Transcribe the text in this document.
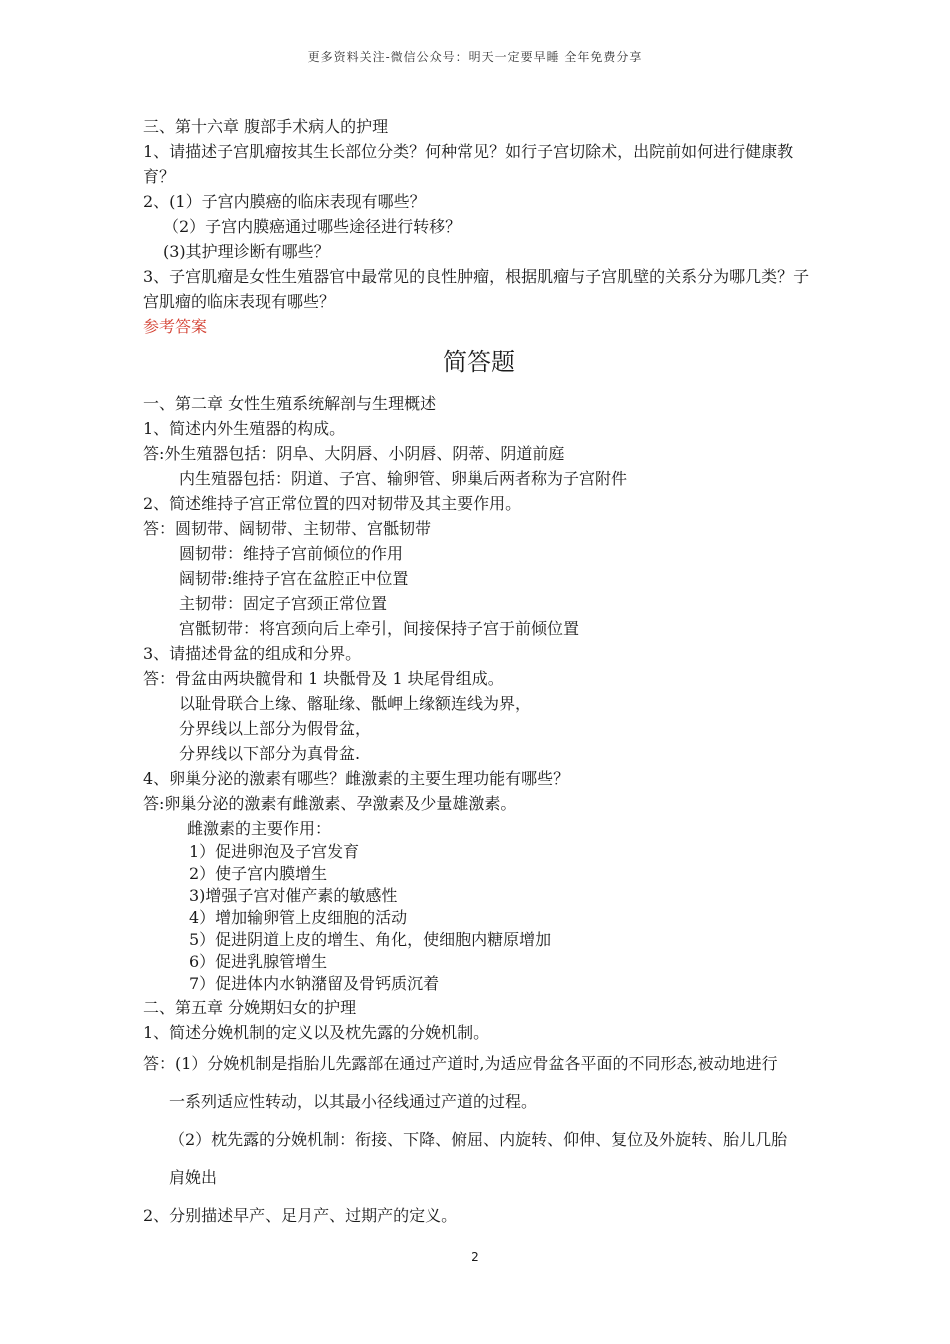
更多资料关注-微信公众号：明天一定要早睡 全年免费分享
三、第十六章 腹部手术病人的护理
1、请描述子宫肌瘤按其生长部位分类？何种常见？如行子宫切除术，出院前如何进行健康教育？
2、(1）子宫内膜癌的临床表现有哪些？
（2）子宫内膜癌通过哪些途径进行转移？
(3)其护理诊断有哪些？
3、子宫肌瘤是女性生殖器官中最常见的良性肿瘤，根据肌瘤与子宫肌壁的关系分为哪几类？子宫肌瘤的临床表现有哪些？
参考答案
简答题
一、第二章 女性生殖系统解剖与生理概述
1、简述内外生殖器的构成。
答:外生殖器包括：阴阜、大阴唇、小阴唇、阴蒂、阴道前庭
内生殖器包括：阴道、子宫、输卵管、卵巢后两者称为子宫附件
2、简述维持子宫正常位置的四对韧带及其主要作用。
答：圆韧带、阔韧带、主韧带、宫骶韧带
圆韧带：维持子宫前倾位的作用
阔韧带:维持子宫在盆腔正中位置
主韧带：固定子宫颈正常位置
宫骶韧带：将宫颈向后上牵引，间接保持子宫于前倾位置
3、请描述骨盆的组成和分界。
答：骨盆由两块髋骨和 1 块骶骨及 1 块尾骨组成。
以耻骨联合上缘、髂耻缘、骶岬上缘额连线为界，
分界线以上部分为假骨盆，
分界线以下部分为真骨盆.
4、卵巢分泌的激素有哪些？雌激素的主要生理功能有哪些？
答:卵巢分泌的激素有雌激素、孕激素及少量雄激素。
雌激素的主要作用：
1）促进卵泡及子宫发育
2）使子宫内膜增生
3)增强子宫对催产素的敏感性
4）增加输卵管上皮细胞的活动
5）促进阴道上皮的增生、角化，使细胞内糖原增加
6）促进乳腺管增生
7）促进体内水钠潴留及骨钙质沉着
二、第五章 分娩期妇女的护理
1、简述分娩机制的定义以及枕先露的分娩机制。
答：(1）分娩机制是指胎儿先露部在通过产道时,为适应骨盆各平面的不同形态,被动地进行
一系列适应性转动，以其最小径线通过产道的过程。
（2）枕先露的分娩机制：衔接、下降、俯屈、内旋转、仰伸、复位及外旋转、胎儿几胎
肩娩出
2、分别描述早产、足月产、过期产的定义。
2
